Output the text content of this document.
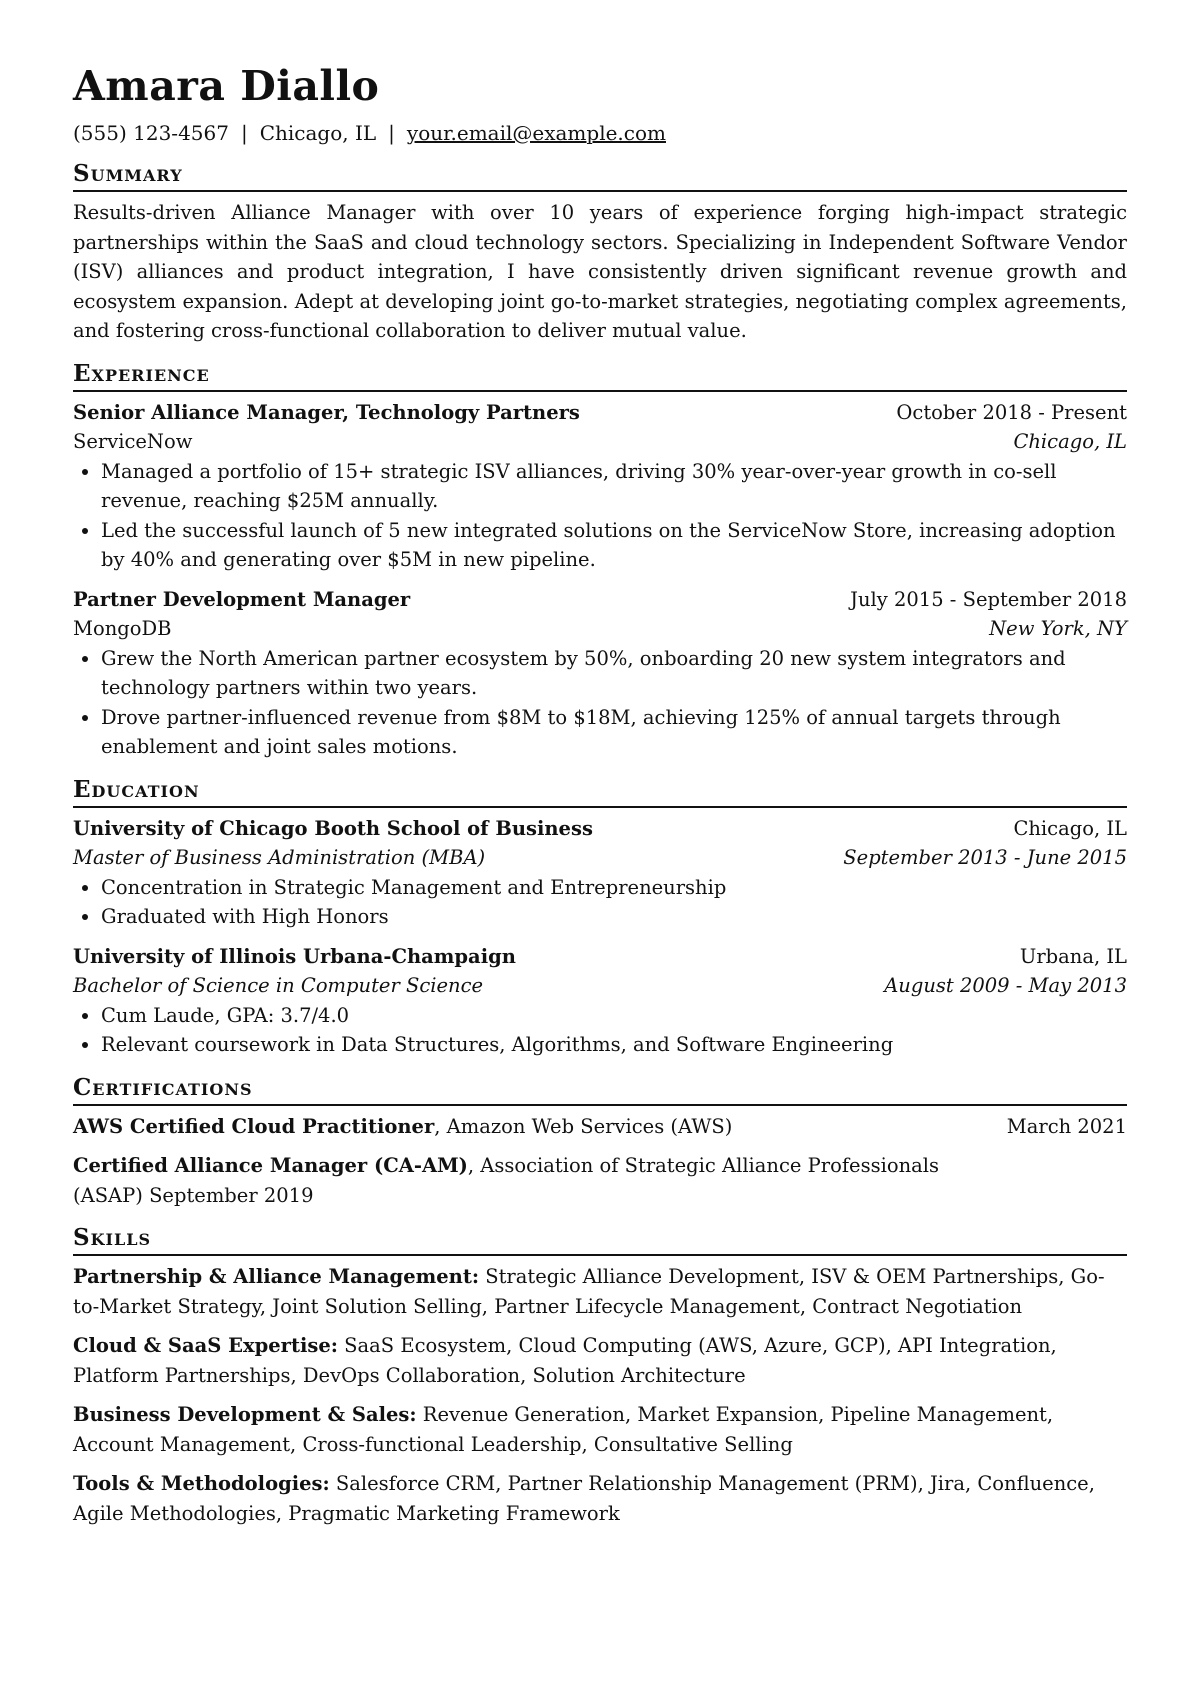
Amara Diallo
(555) 123-4567 | Chicago, IL | your.email@example.com
Summary
Results-driven Alliance Manager with over 10 years of experience forging high-impact strategic partnerships within the SaaS and cloud technology sectors. Specializing in Independent Software Vendor (ISV) alliances and product integration, I have consistently driven significant revenue growth and ecosystem expansion. Adept at developing joint go-to-market strategies, negotiating complex agreements, and fostering cross-functional collaboration to deliver mutual value.
Experience
Senior Alliance Manager, Technology Partners	October 2018 - Present
ServiceNow	Chicago, IL
• Managed a portfolio of 15+ strategic ISV alliances, driving 30% year-over-year growth in co-sell revenue, reaching $25M annually.
• Led the successful launch of 5 new integrated solutions on the ServiceNow Store, increasing adoption by 40% and generating over $5M in new pipeline.
Partner Development Manager	July 2015 - September 2018
MongoDB	New York, NY
• Grew the North American partner ecosystem by 50%, onboarding 20 new system integrators and technology partners within two years.
• Drove partner-influenced revenue from $8M to $18M, achieving 125% of annual targets through enablement and joint sales motions.
Education
University of Chicago Booth School of Business	Chicago, IL
Master of Business Administration (MBA)	September 2013 - June 2015
• Concentration in Strategic Management and Entrepreneurship
• Graduated with High Honors
University of Illinois Urbana-Champaign	Urbana, IL
Bachelor of Science in Computer Science	August 2009 - May 2013
• Cum Laude, GPA: 3.7/4.0
• Relevant coursework in Data Structures, Algorithms, and Software Engineering
Certifications
AWS Certified Cloud Practitioner, Amazon Web Services (AWS)	March 2021
Certified Alliance Manager (CA-AM), Association of Strategic Alliance Professionals (ASAP) September 2019
Skills
Partnership & Alliance Management: Strategic Alliance Development, ISV & OEM Partnerships, Go-to-Market Strategy, Joint Solution Selling, Partner Lifecycle Management, Contract Negotiation
Cloud & SaaS Expertise: SaaS Ecosystem, Cloud Computing (AWS, Azure, GCP), API Integration, Platform Partnerships, DevOps Collaboration, Solution Architecture
Business Development & Sales: Revenue Generation, Market Expansion, Pipeline Management, Account Management, Cross-functional Leadership, Consultative Selling
Tools & Methodologies: Salesforce CRM, Partner Relationship Management (PRM), Jira, Confluence, Agile Methodologies, Pragmatic Marketing Framework
